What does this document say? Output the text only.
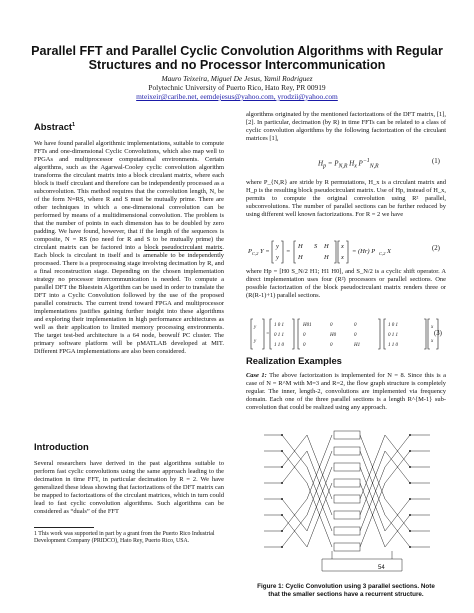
Parallel FFT and Parallel Cyclic Convolution Algorithms with Regular
Structures and no Processor Intercommunication
Mauro Teixeira, Miguel De Jesus, Yamil Rodriguez
Polytechnic University of Puerto Rico, Hato Rey, PR 00919
mteixeir@caribe.net, eemdejesus@yahoo.com, yrodzii@yahoo.com
Abstract$^1$

We have found parallel algorithmic implementations, suitable to compute FFTs and one-dimensional Cyclic Convolutions, which also map well to FPGAs and multiprocessor computational environments. Certain algorithms, such as the Agarwal-Cooley cyclic convolution algorithm transforms the circulant matrix into a block circulant matrix, where each block is itself circulant and therefore can be independently processed as a subconvolution. This method requires that the convolution length, N, be of the form N=RS, where R and S must be mutually prime. There are other techniques in which a one-dimensional convolution can be performed by means of a multidimensional convolution. The problem is that the number of points in each dimension has to be doubled by zero padding. We have found, however, that if the length of the sequences is composite, N = RS (no need for R and S to be mutually prime) the circulant matrix can be factored into a block pseudocirculant matrix. Each block is circulant in itself and is amenable to be independently processed. There is a preprocessing stage involving decimation by R, and a final reconstruction stage. Depending on the chosen implementation strategy no processor intercommunication is needed. To compute a parallel DFT the Bluestein Algorithm can be used in order to translate the DFT into a Cyclic Convolution followed by the use of the proposed parallel constructs. The current trend toward FPGA and multiprocessor implementations justifies gaining further insight into these algorithms and exploring their implementation in high performance architectures as well as their application to limited memory processing environments. The target test-bed architecture is a 64 node, beowulf PC cluster. The primary software platform will be pMATLAB developed at MIT. Different FPGA implementations are also been considered.

Introduction

Several researchers have derived in the past algorithms suitable to perform fast cyclic convolutions using the same approach leading to the decimation in time FFT, in particular decimation by R = 2. We have generalized these ideas showing that factorizations of the DFT matrix can be mapped to factorizations of the circulant matrices, which in turn could lead to fast cyclic convolution algorithms. Such algorithms can be considered as “duals” of the FFT

1 This work was supported in part by a grant from the Puerto Rico Industrial Development Company (PRIDCO), Hato Rey, Puerto Rico, USA.

algorithms originated by the mentioned factorizations of the DFT matrix, [1], [2]. In particular, decimation (by R) in time FFTs can be related to a class of cyclic convolution algorithms by the following factorization of the circulant matrices [1],

$H_p = P_{N,R}$ $H_x$ $P^{-1}_{N,R}$
(1)

where P_{N,R} are stride by R permutations, H_x is a circulant matrix and H_p is the resulting block pseudocirculant matrix. Use of Hp, instead of H_x, permits to compute the original convolution using R² parallel, subconvolutions. The number of parallel sections can be further reduced by using different well known factorizations. For R = 2 we have

P C,2 Y =
y
y
=
H
H
S H
H
x
x
= (Hr) P C,2 X	(2)

where Hp = [H0 S_N/2 H1; H1 H0], and S_N/2 is a cyclic shift operator. A direct implementation uses four (R²) processors or parallel sections. One possible factorization of the block pseudocirculant matrix renders three or (R(R-1)+1) parallel sections.

y
y
=
1 0 1
0 1 1
1 1 0
H01	0	0
0	H0	0
0	0	H1
1 0 1
0 1 1
1 1 0
x
x
(3)
Realization Examples

Case 1: The above factorization is implemented for N = 8. Since this is a case of N = R^M with M=3 and R=2, the flow graph structure is completely regular. The inner, length-2, convolutions are implemented via frequency domain. Each one of the three parallel sections is a length R^{M-1} sub-convolution that could be realized using any approach.

54
Figure 1: Cyclic Convolution using 3 parallel sections. Note
that the smaller sections have a recurrent structure.
